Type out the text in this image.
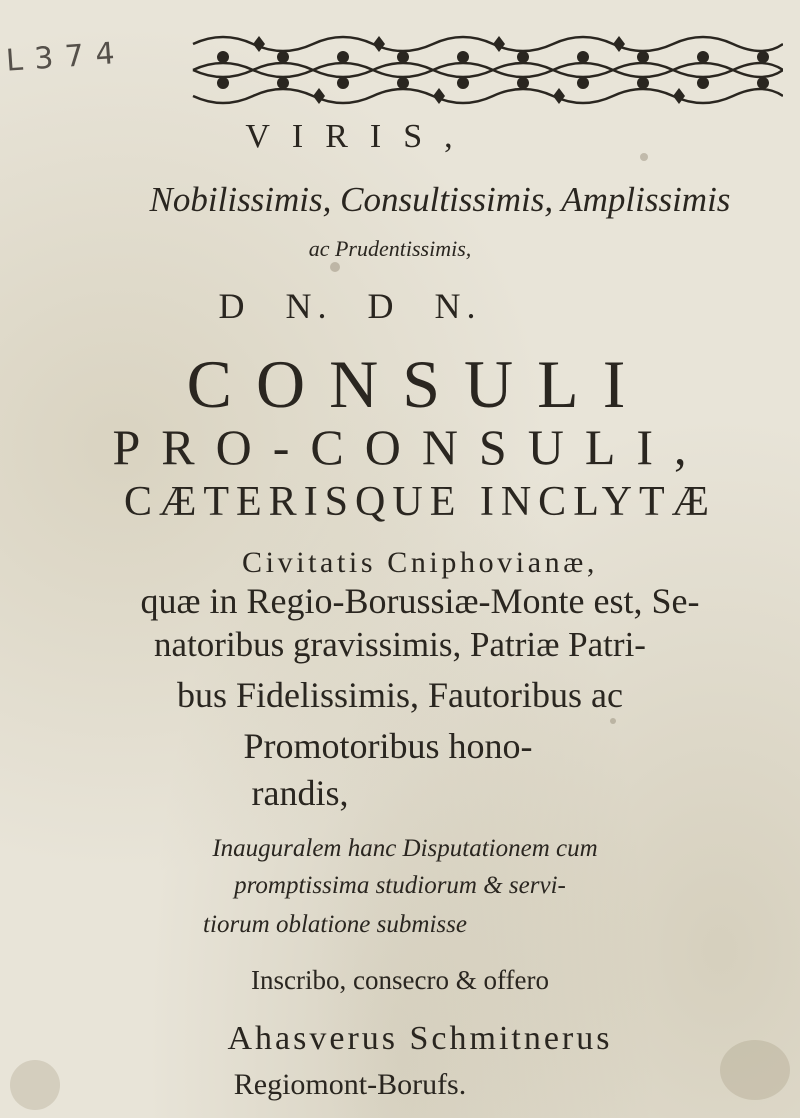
L 3 7 4
VIRIS,
Nobilissimis, Consultissimis, Amplissimis
ac Prudentissimis,
D N. D N.
CONSULI
PRO-CONSULI,
CÆTERISQUE INCLYTÆ
Civitatis Cniphovianæ,
quæ in Regio-Borussiæ-Monte est, Se-
natoribus gravissimis, Patriæ Patri-
bus Fidelissimis, Fautoribus ac
Promotoribus hono-
randis,
Inauguralem hanc Disputationem cum
promptissima studiorum & servi-
tiorum oblatione submisse
Inscribo, consecro & offero
Ahasverus Schmitnerus
Regiomont-Borufs.
